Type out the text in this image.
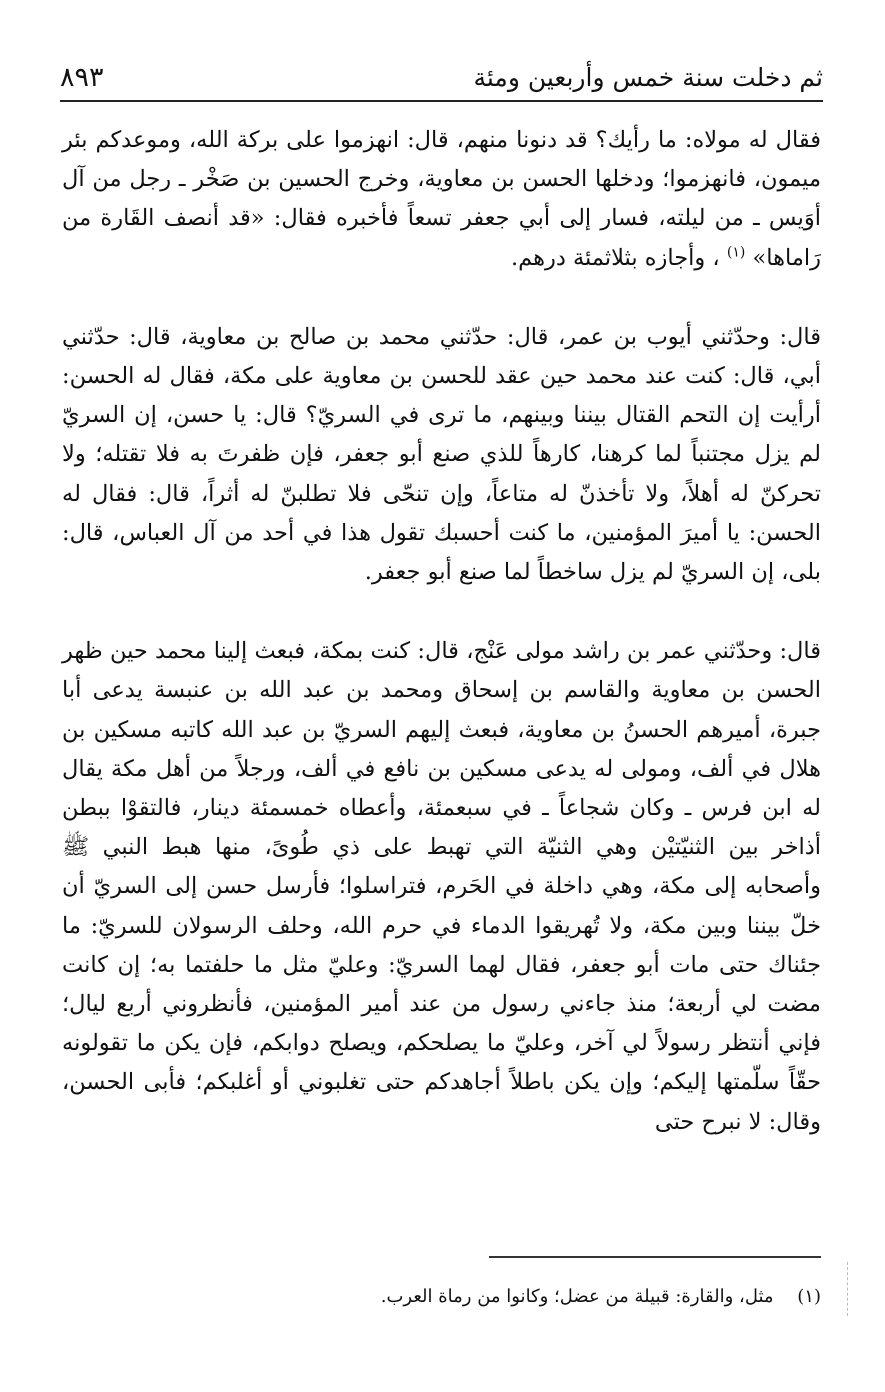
ثم دخلت سنة خمس وأربعين ومئة
٨٩٣

فقال له مولاه: ما رأيك؟ قد دنونا منهم، قال: انهزموا على بركة الله، وموعدكم بئر ميمون، فانهزموا؛ ودخلها الحسن بن معاوية، وخرج الحسين بن صَخْر ـ رجل من آل أوَيس ـ من ليلته، فسار إلى أبي جعفر تسعاً فأخبره فقال: «قد أنصف القَارة من رَاماها» $^{(١)}$ ، وأجازه بثلاثمئة درهم.

قال: وحدّثني أيوب بن عمر، قال: حدّثني محمد بن صالح بن معاوية، قال: حدّثني أبي، قال: كنت عند محمد حين عقد للحسن بن معاوية على مكة، فقال له الحسن: أرأيت إن التحم القتال بيننا وبينهم، ما ترى في السريّ؟ قال: يا حسن، إن السريّ لم يزل مجتنباً لما كرهنا، كارهاً للذي صنع أبو جعفر، فإن ظفرتَ به فلا تقتله؛ ولا تحركنّ له أهلاً، ولا تأخذنّ له متاعاً، وإن تنحّى فلا تطلبنّ له أثراً، قال: فقال له الحسن: يا أميرَ المؤمنين، ما كنت أحسبك تقول هذا في أحد من آل العباس، قال: بلى، إن السريّ لم يزل ساخطاً لما صنع أبو جعفر.

قال: وحدّثني عمر بن راشد مولى عَنْج، قال: كنت بمكة، فبعث إلينا محمد حين ظهر الحسن بن معاوية والقاسم بن إسحاق ومحمد بن عبد الله بن عنبسة يدعى أبا جبرة، أميرهم الحسنُ بن معاوية، فبعث إليهم السريّ بن عبد الله كاتبه مسكين بن هلال في ألف، ومولى له يدعى مسكين بن نافع في ألف، ورجلاً من أهل مكة يقال له ابن فرس ـ وكان شجاعاً ـ في سبعمئة، وأعطاه خمسمئة دينار، فالتقوْا ببطن أذاخر بين الثنيّتيْن وهي الثنيّة التي تهبط على ذي طُوىً، منها هبط النبي ﷺ وأصحابه إلى مكة، وهي داخلة في الحَرم، فتراسلوا؛ فأرسل حسن إلى السريّ أن خلّ بيننا وبين مكة، ولا تُهريقوا الدماء في حرم الله، وحلف الرسولان للسريّ: ما جئناك حتى مات أبو جعفر، فقال لهما السريّ: وعليّ مثل ما حلفتما به؛ إن كانت مضت لي أربعة؛ منذ جاءني رسول من عند أمير المؤمنين، فأنظروني أربع ليال؛ فإني أنتظر رسولاً لي آخر، وعليّ ما يصلحكم، ويصلح دوابكم، فإن يكن ما تقولونه حقّاً سلّمتها إليكم؛ وإن يكن باطلاً أجاهدكم حتى تغلبوني أو أغلبكم؛ فأبى الحسن، وقال: لا نبرح حتى

(١) مثل، والقارة: قبيلة من عضل؛ وكانوا من رماة العرب.
